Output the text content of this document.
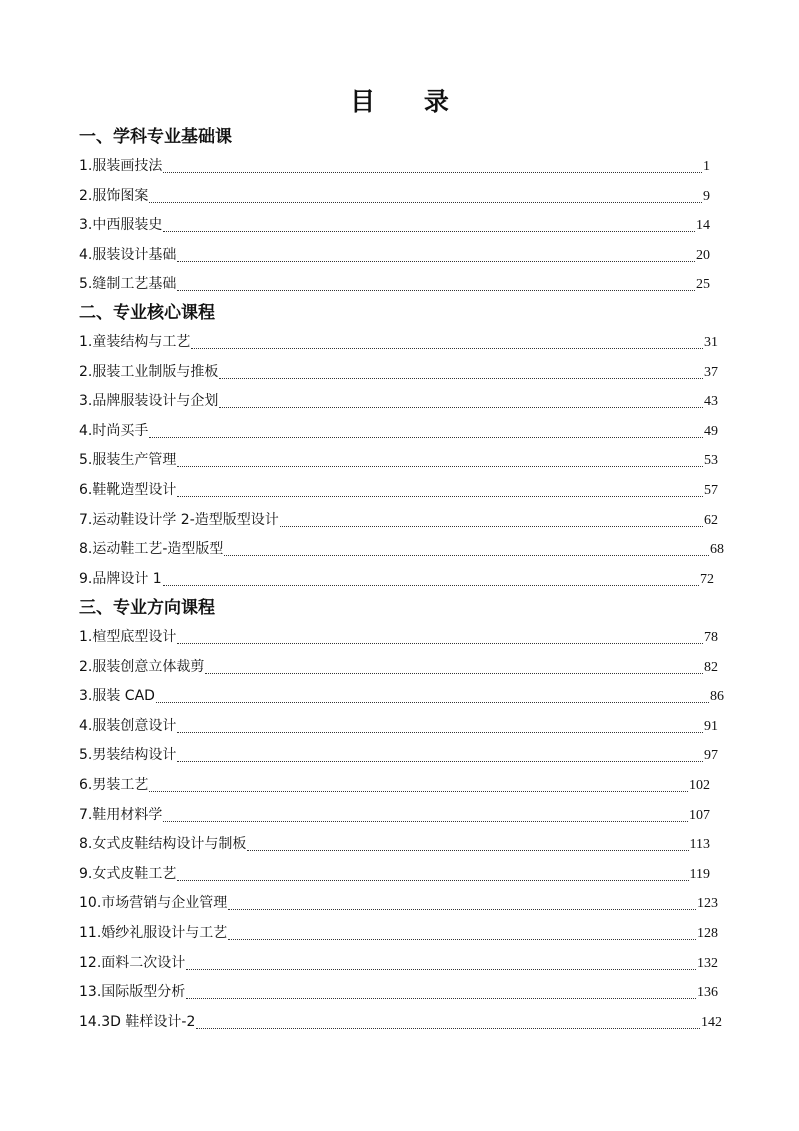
目 录
一、学科专业基础课
1.服装画技法	1
2.服饰图案	9
3.中西服装史	14
4.服装设计基础	20
5.缝制工艺基础	25
二、专业核心课程
1.童装结构与工艺	31
2.服装工业制版与推板	37
3.品牌服装设计与企划	43
4.时尚买手	49
5.服装生产管理	53
6.鞋靴造型设计	57
7.运动鞋设计学 2-造型版型设计	62
8.运动鞋工艺-造型版型	68
9.品牌设计 1	72
三、专业方向课程
1.楦型底型设计	78
2.服装创意立体裁剪	82
3.服装 CAD	86
4.服装创意设计	91
5.男装结构设计	97
6.男装工艺	102
7.鞋用材料学	107
8.女式皮鞋结构设计与制板	113
9.女式皮鞋工艺	119
10.市场营销与企业管理	123
11.婚纱礼服设计与工艺	128
12.面料二次设计	132
13.国际版型分析	136
14.3D 鞋样设计-2	142
